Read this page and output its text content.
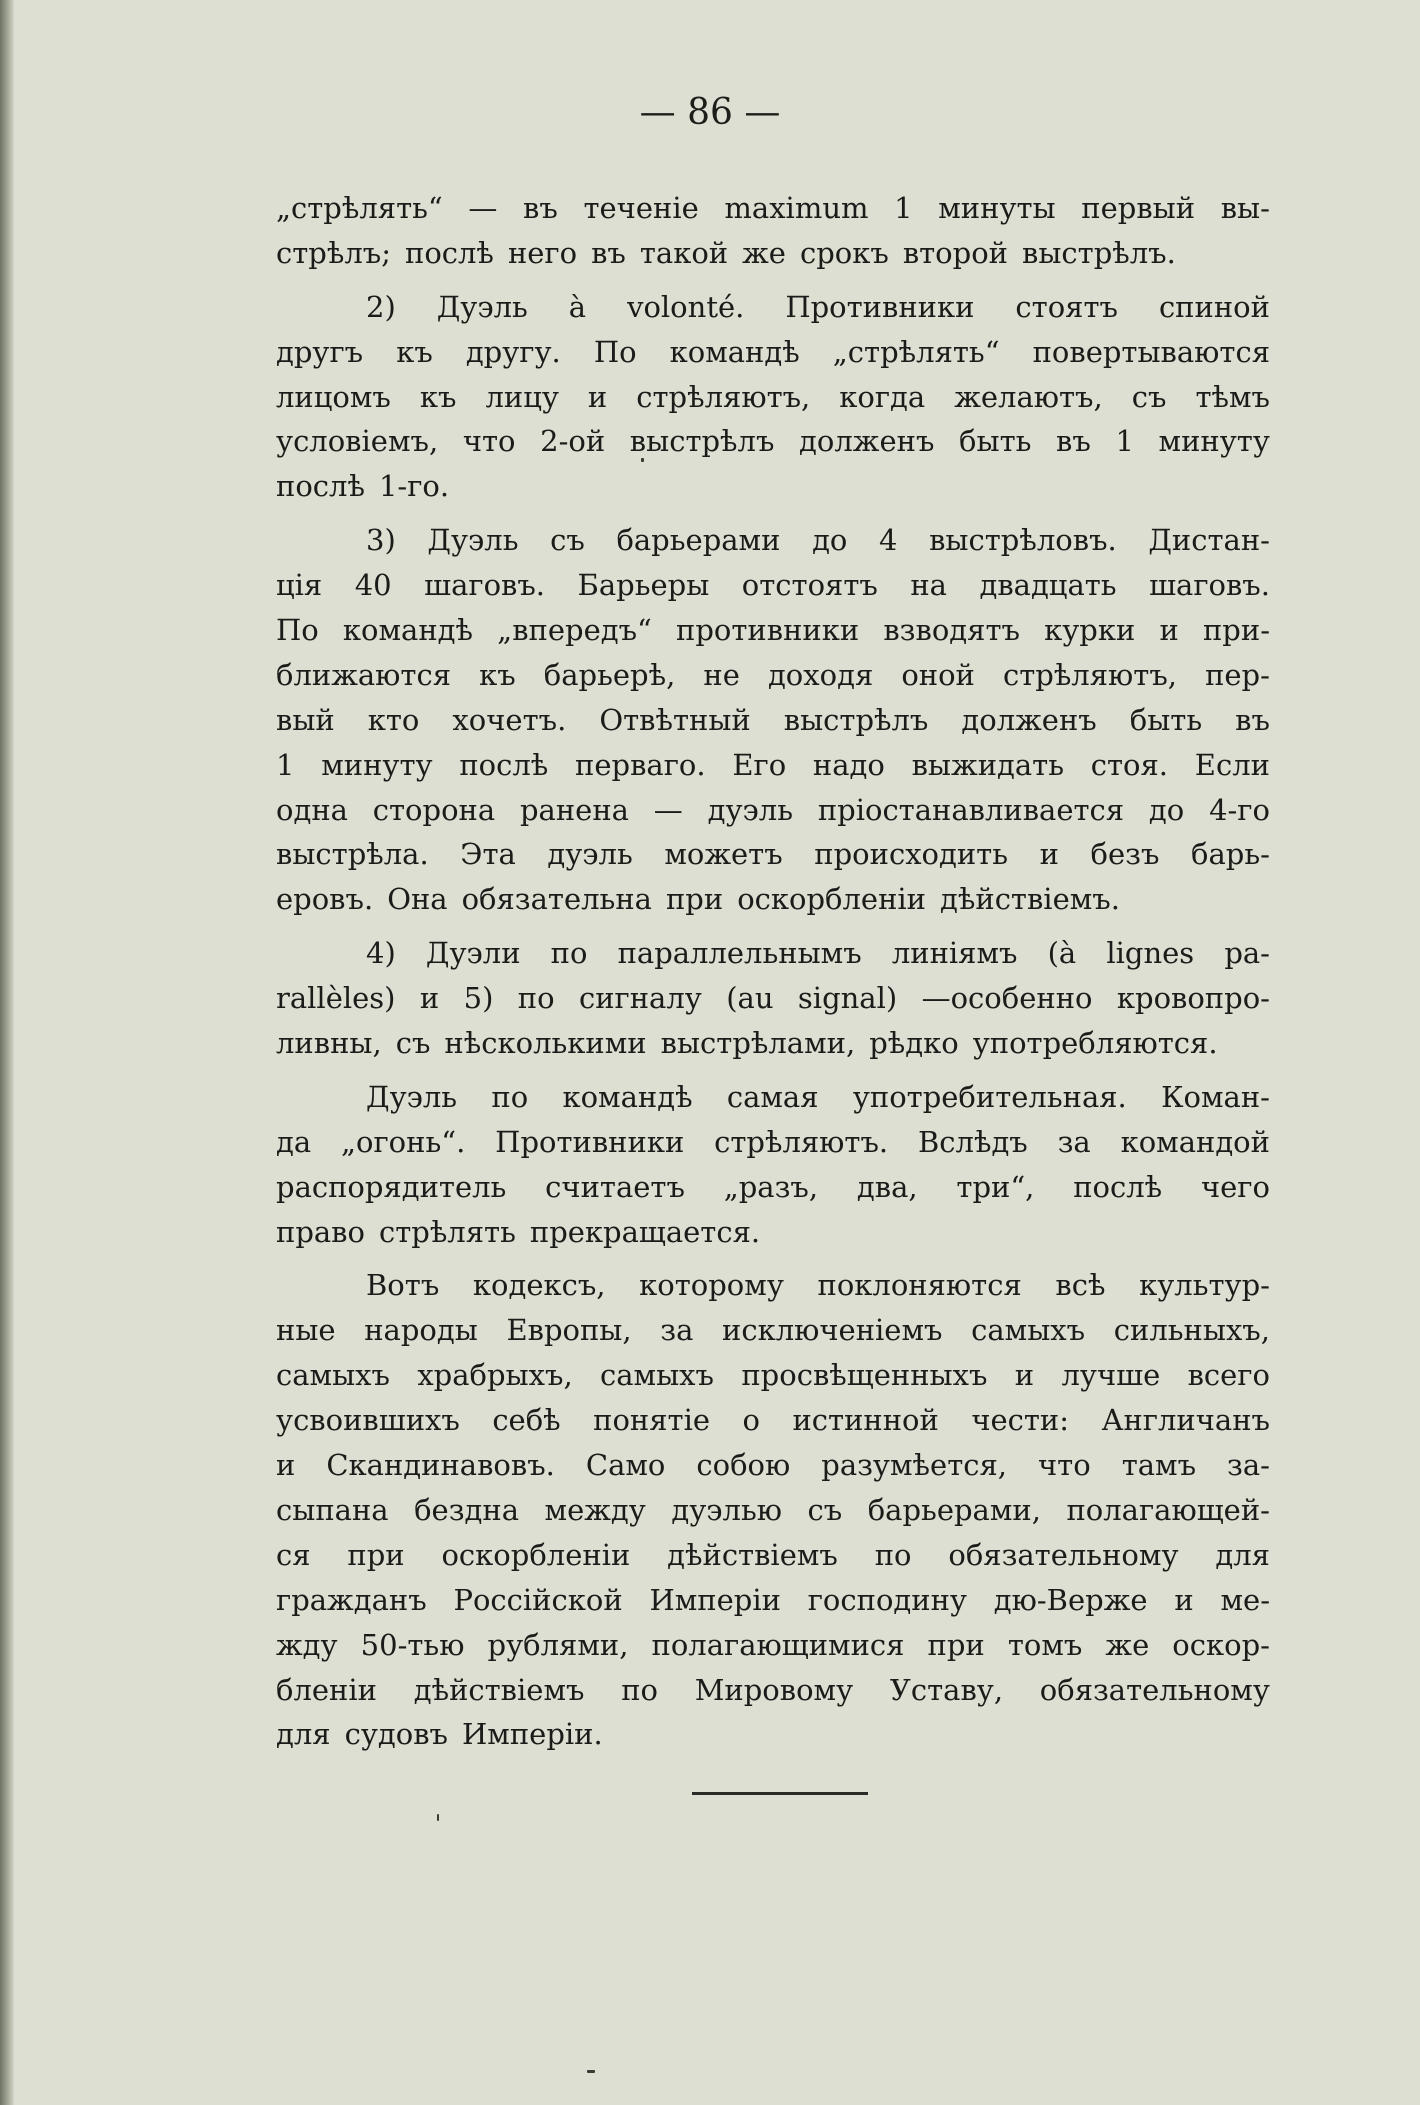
— 86 —
„стрѣлять“ — въ теченіе maximum 1 минуты первый вы-
стрѣлъ; послѣ него въ такой же срокъ второй выстрѣлъ.
2) Дуэль à volonté. Противники стоятъ спиной
другъ къ другу. По командѣ „стрѣлять“ повертываются
лицомъ къ лицу и стрѣляютъ, когда желаютъ, съ тѣмъ
условіемъ, что 2-ой выстрѣлъ долженъ быть въ 1 минуту
послѣ 1-го.
3) Дуэль съ барьерами до 4 выстрѣловъ. Дистан-
ція 40 шаговъ. Барьеры отстоятъ на двадцать шаговъ.
По командѣ „впередъ“ противники взводятъ курки и при-
ближаются къ барьерѣ, не доходя оной стрѣляютъ, пер-
вый кто хочетъ. Отвѣтный выстрѣлъ долженъ быть въ
1 минуту послѣ перваго. Его надо выжидать стоя. Если
одна сторона ранена — дуэль пріостанавливается до 4-го
выстрѣла. Эта дуэль можетъ происходить и безъ барь-
еровъ. Она обязательна при оскорбленіи дѣйствіемъ.
4) Дуэли по параллельнымъ линіямъ (à lignes pa-
rallèles) и 5) по сигналу (au signal) —особенно кровопро-
ливны, съ нѣсколькими выстрѣлами, рѣдко употребляются.
Дуэль по командѣ самая употребительная. Коман-
да „огонь“. Противники стрѣляютъ. Вслѣдъ за командой
распорядитель считаетъ „разъ, два, три“, послѣ чего
право стрѣлять прекращается.
Вотъ кодексъ, которому поклоняются всѣ культур-
ные народы Европы, за исключеніемъ самыхъ сильныхъ,
самыхъ храбрыхъ, самыхъ просвѣщенныхъ и лучше всего
усвоившихъ себѣ понятіе о истинной чести: Англичанъ
и Скандинавовъ. Само собою разумѣется, что тамъ за-
сыпана бездна между дуэлью съ барьерами, полагающей-
ся при оскорбленіи дѣйствіемъ по обязательному для
гражданъ Россійской Имперіи господину дю-Верже и ме-
жду 50-тью рублями, полагающимися при томъ же оскор-
бленіи дѣйствіемъ по Мировому Уставу, обязательному
для судовъ Имперіи.
